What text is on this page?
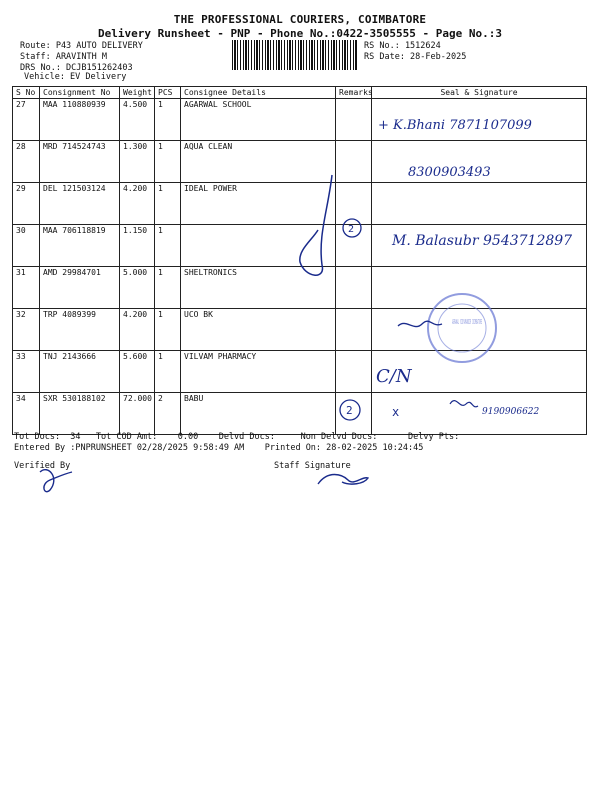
THE PROFESSIONAL COURIERS, COIMBATORE
Delivery Runsheet - PNP - Phone No.:0422-3505555 - Page No.:3
Route: P43 AUTO DELIVERY
Staff: ARAVINTH M
DRS No.: DCJB151262403
Vehicle: EV Delivery
RS No.: 1512624
RS Date: 28-Feb-2025
S No	Consignment No	Weight	PCS	Consignee Details	Remarks	Seal & Signature
27	MAA 110880939	4.500	1	AGARWAL SCHOOL		
28	MRD 714524743	1.300	1	AQUA CLEAN		
29	DEL 121503124	4.200	1	IDEAL POWER		
30	MAA 706118819	1.150	1			
31	AMD 29984701	5.000	1	SHELTRONICS		
32	TRP 4089399	4.200	1	UCO BK		
33	TNJ 2143666	5.600	1	VILVAM PHARMACY		
34	SXR 530188102	72.000	2	BABU		
Tot Docs:  34   Tot COD Amt:    0.00    Delvd Docs:     Non Delvd Docs:      Delvy Pts:
Entered By :PNPRUNSHEET 02/28/2025 9:58:49 AM    Printed On: 28-02-2025 10:24:45
Verified By	Staff Signature
+ K.Bhani 7871107099
8300903493
M. Balasubr 9543712897
2
AGRAWAL VIDYAMANDIR COIMBATORE
C/N
2	x	9190906622
